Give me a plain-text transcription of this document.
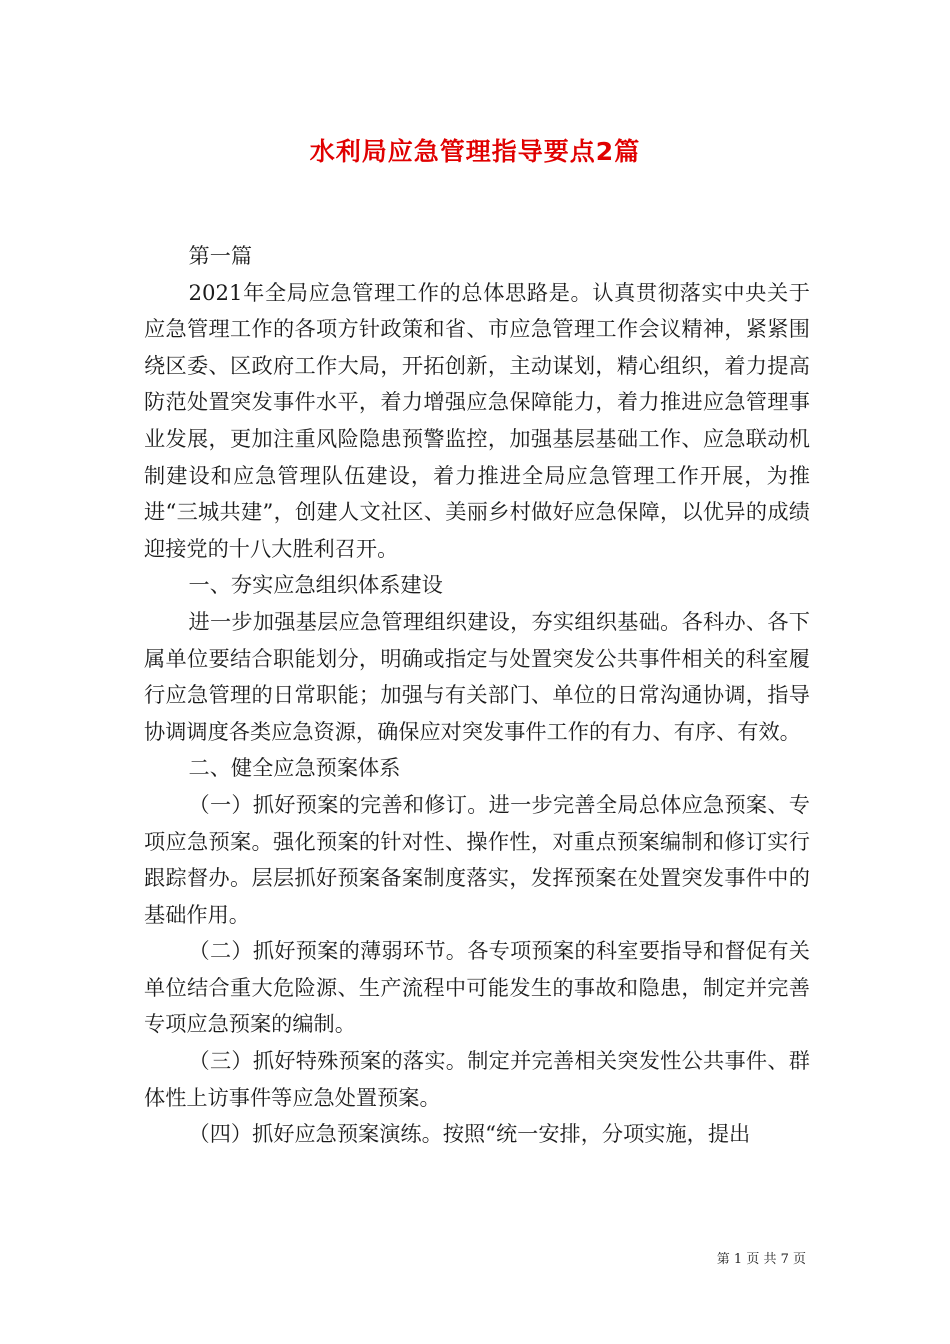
水利局应急管理指导要点2篇

第一篇

2021年全局应急管理工作的总体思路是。认真贯彻落实中央关于应急管理工作的各项方针政策和省、市应急管理工作会议精神，紧紧围绕区委、区政府工作大局，开拓创新，主动谋划，精心组织，着力提高防范处置突发事件水平，着力增强应急保障能力，着力推进应急管理事业发展，更加注重风险隐患预警监控，加强基层基础工作、应急联动机制建设和应急管理队伍建设，着力推进全局应急管理工作开展，为推进“三城共建”，创建人文社区、美丽乡村做好应急保障，以优异的成绩迎接党的十八大胜利召开。

一、夯实应急组织体系建设

进一步加强基层应急管理组织建设，夯实组织基础。各科办、各下属单位要结合职能划分，明确或指定与处置突发公共事件相关的科室履行应急管理的日常职能；加强与有关部门、单位的日常沟通协调，指导协调调度各类应急资源，确保应对突发事件工作的有力、有序、有效。

二、健全应急预案体系

（一）抓好预案的完善和修订。进一步完善全局总体应急预案、专项应急预案。强化预案的针对性、操作性，对重点预案编制和修订实行跟踪督办。层层抓好预案备案制度落实，发挥预案在处置突发事件中的基础作用。

（二）抓好预案的薄弱环节。各专项预案的科室要指导和督促有关单位结合重大危险源、生产流程中可能发生的事故和隐患，制定并完善专项应急预案的编制。

（三）抓好特殊预案的落实。制定并完善相关突发性公共事件、群体性上访事件等应急处置预案。

（四）抓好应急预案演练。按照“统一安排，分项实施，提出

第 1 页 共 7 页
